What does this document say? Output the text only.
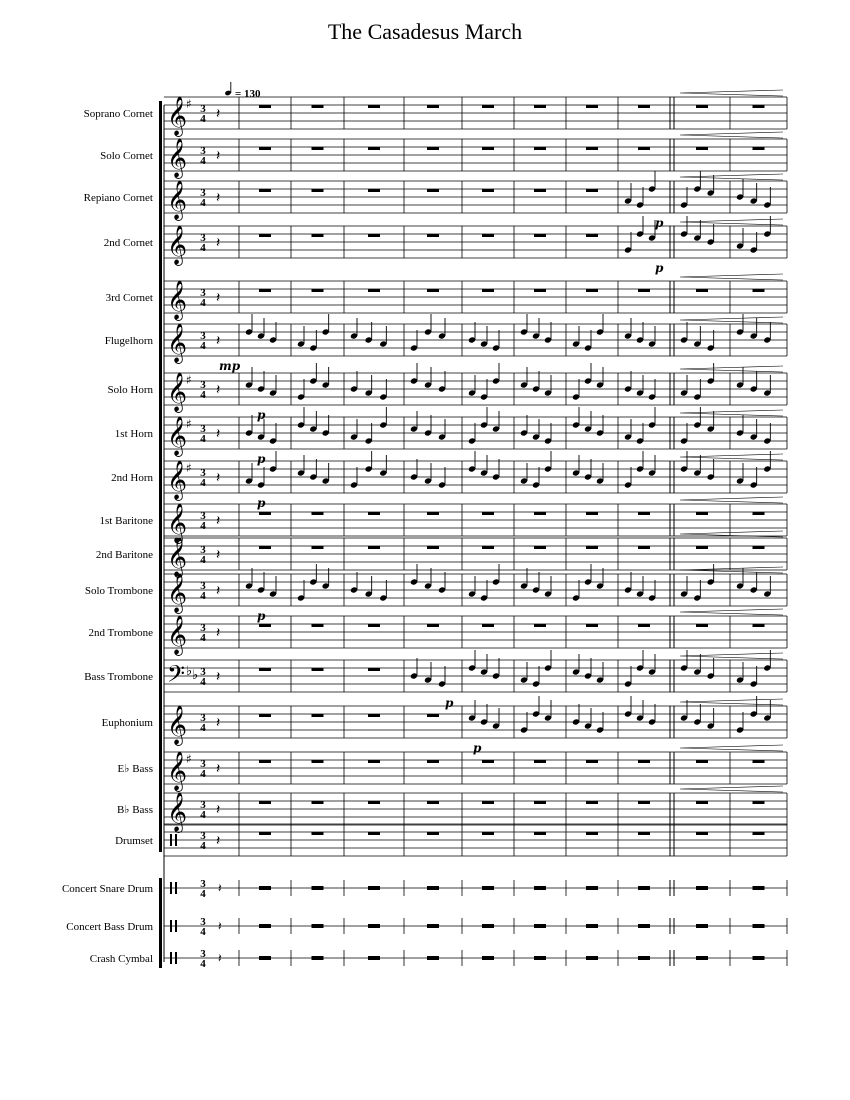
The Casadesus March
Soprano Cornet 𝄞
♯ 3
4 𝄽
Solo Cornet 𝄞 3
4 𝄽
Repiano Cornet 𝄞 3
4 𝄽
p
2nd Cornet 𝄞 3
4 𝄽
p
3rd Cornet 𝄞 3
4 𝄽
Flugelhorn 𝄞 3
4 𝄽
mp
Solo Horn 𝄞
♯ 3
4 𝄽
p
1st Horn 𝄞
♯ 3
4 𝄽
p
2nd Horn 𝄞
♯ 3
4 𝄽
p
1st Baritone 𝄞 3
4 𝄽
2nd Baritone 𝄞 3
4 𝄽
Solo Trombone 𝄞 3
4 𝄽
p
2nd Trombone 𝄞 3
4 𝄽
Bass Trombone 𝄢 ♭ ♭ 3
4 𝄽
p
Euphonium 𝄞 3
4 𝄽
p
E♭ Bass 𝄞
♯ 3
4 𝄽
B♭ Bass 𝄞 3
4 𝄽
Drumset	3
4 𝄽
Concert Snare Drum	3
4 𝄽
Concert Bass Drum	3
4 𝄽
Crash Cymbal	3
4 𝄽
= 130
